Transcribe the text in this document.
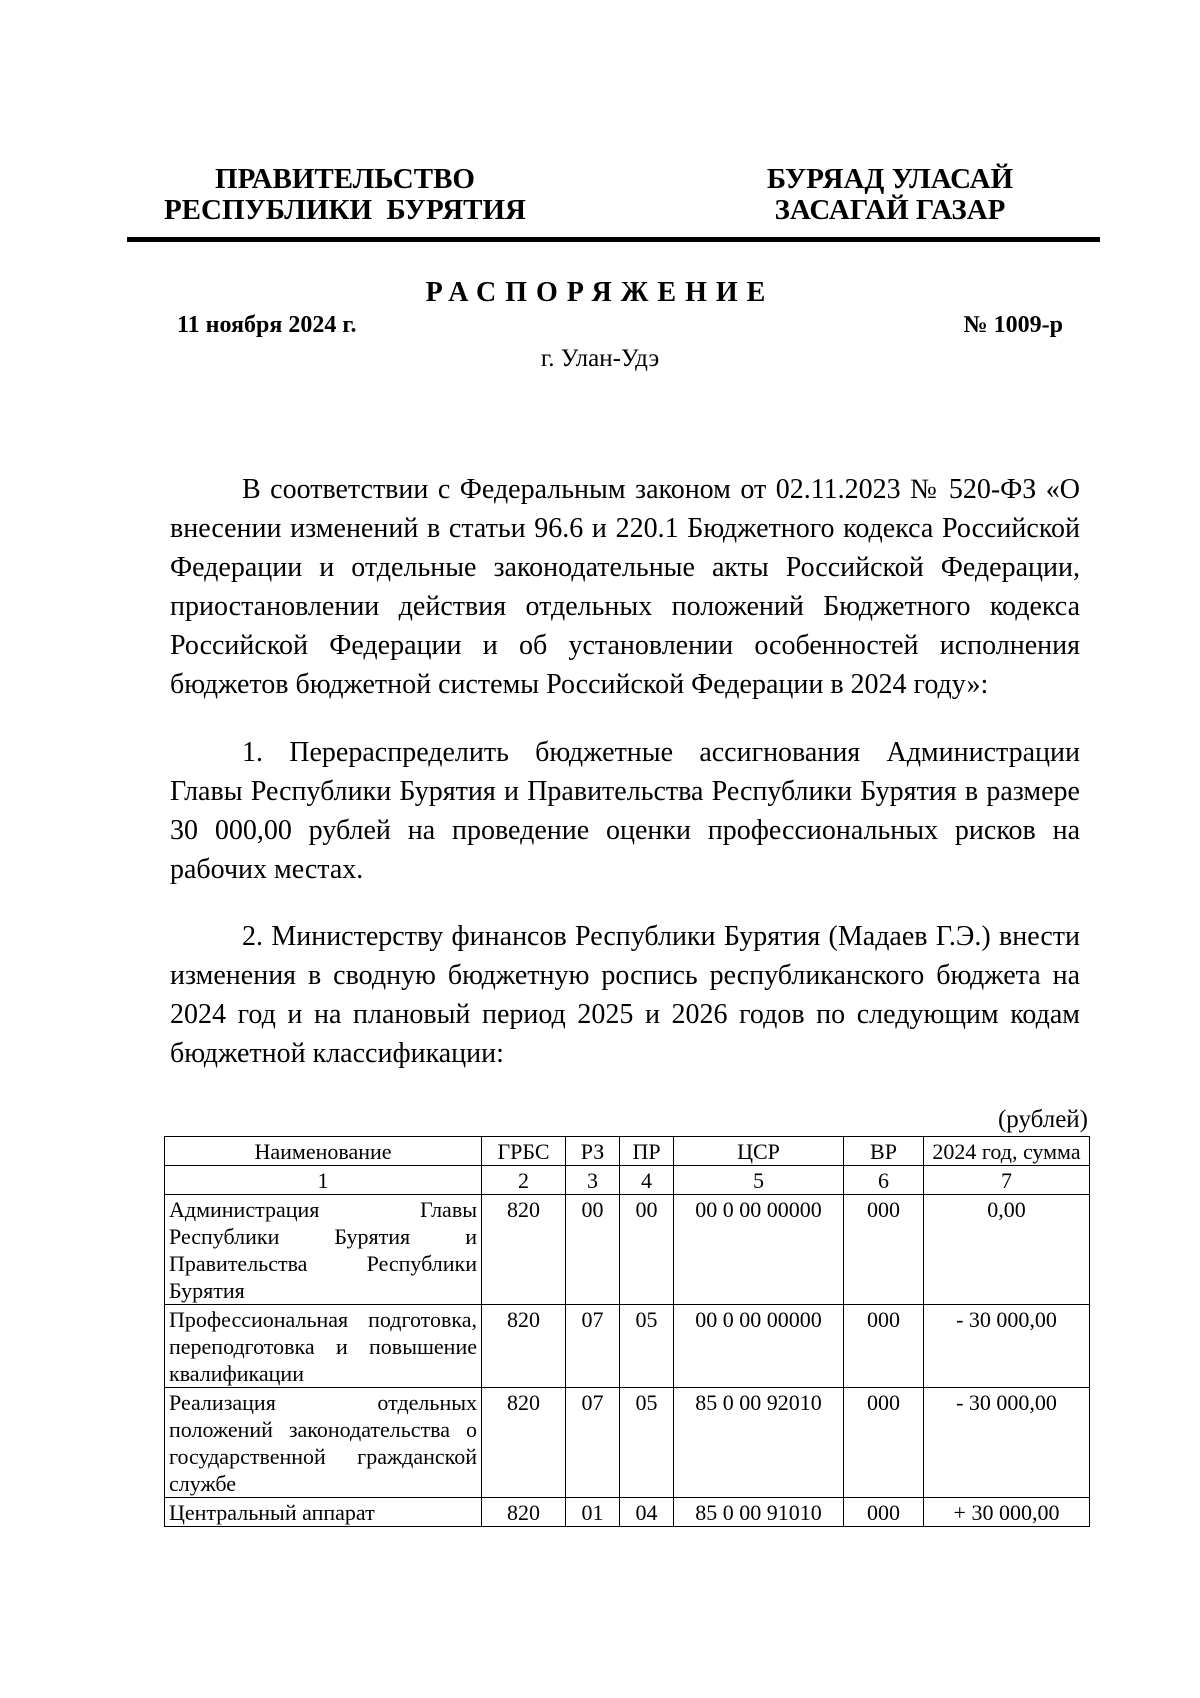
ПРАВИТЕЛЬСТВО
РЕСПУБЛИКИ  БУРЯТИЯ
БУРЯАД УЛАСАЙ
ЗАСАГАЙ ГАЗАР
РАСПОРЯЖЕНИЕ
11 ноября 2024 г.	№ 1009-р
г. Улан-Удэ

В соответствии с Федеральным законом от 02.11.2023 № 520-ФЗ «О внесении изменений в статьи 96.6 и 220.1 Бюджетного кодекса Российской Федерации и отдельные законодательные акты Российской Федерации, приостановлении действия отдельных положений Бюджетного кодекса Российской Федерации и об установлении особенностей исполнения бюджетов бюджетной системы Российской Федерации в 2024 году»:

1. Перераспределить бюджетные ассигнования Администрации Главы Республики Бурятия и Правительства Республики Бурятия в размере 30 000,00 рублей на проведение оценки профессиональных рисков на рабочих местах.

2. Министерству финансов Республики Бурятия (Мадаев Г.Э.) внести изменения в сводную бюджетную роспись республиканского бюджета на 2024 год и на плановый период 2025 и 2026 годов по следующим кодам бюджетной классификации:

(рублей)
Наименование	ГРБС	РЗ	ПР	ЦСР	ВР	2024 год, сумма
1	2	3	4	5	6	7
Администрация Главы Республики Бурятия и Правительства Республики Бурятия	820	00	00	00 0 00 00000	000	0,00
Профессиональная подготовка, переподготовка и повышение квалификации	820	07	05	00 0 00 00000	000	- 30 000,00
Реализация отдельных положений законодательства о государственной гражданской службе	820	07	05	85 0 00 92010	000	- 30 000,00
Центральный аппарат	820	01	04	85 0 00 91010	000	+ 30 000,00
